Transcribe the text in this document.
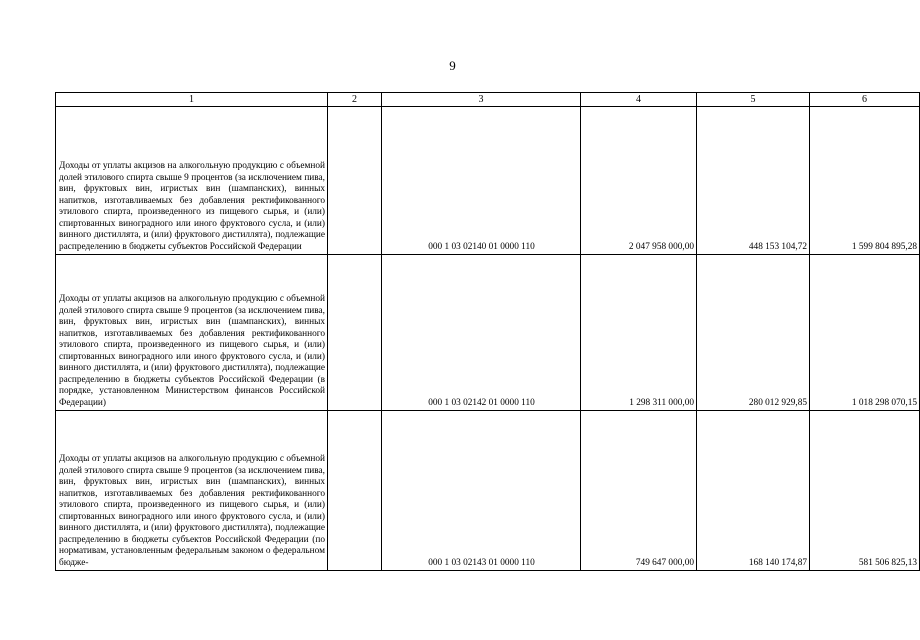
9
1	2	3	4	5	6
Доходы от уплаты акцизов на алкогольную продукцию с объемной долей этилового спирта свыше 9 процентов (за исключением пива, вин, фруктовых вин, игристых вин (шампанских), винных напитков, изготавливаемых без добавления ректификованного этилового спирта, произведенного из пищевого сырья, и (или) спиртованных виноградного или иного фруктового сусла, и (или) винного дистиллята, и (или) фруктового дистиллята), подлежащие распределению в бюджеты субъектов Российской Федерации		000 1 03 02140 01 0000 110	2 047 958 000,00	448 153 104,72	1 599 804 895,28
Доходы от уплаты акцизов на алкогольную продукцию с объемной долей этилового спирта свыше 9 процентов (за исключением пива, вин, фруктовых вин, игристых вин (шампанских), винных напитков, изготавливаемых без добавления ректификованного этилового спирта, произведенного из пищевого сырья, и (или) спиртованных виноградного или иного фруктового сусла, и (или) винного дистиллята, и (или) фруктового дистиллята), подлежащие распределению в бюджеты субъектов Российской Федерации (в порядке, установленном Министерством финансов Российской Федерации)		000 1 03 02142 01 0000 110	1 298 311 000,00	280 012 929,85	1 018 298 070,15
Доходы от уплаты акцизов на алкогольную продукцию с объемной долей этилового спирта свыше 9 процентов (за исключением пива, вин, фруктовых вин, игристых вин (шампанских), винных напитков, изготавливаемых без добавления ректификованного этилового спирта, произведенного из пищевого сырья, и (или) спиртованных виноградного или иного фруктового сусла, и (или) винного дистиллята, и (или) фруктового дистиллята), подлежащие распределению в бюджеты субъектов Российской Федерации (по нормативам, установленным федеральным законом о федеральном бюдже-		000 1 03 02143 01 0000 110	749 647 000,00	168 140 174,87	581 506 825,13
